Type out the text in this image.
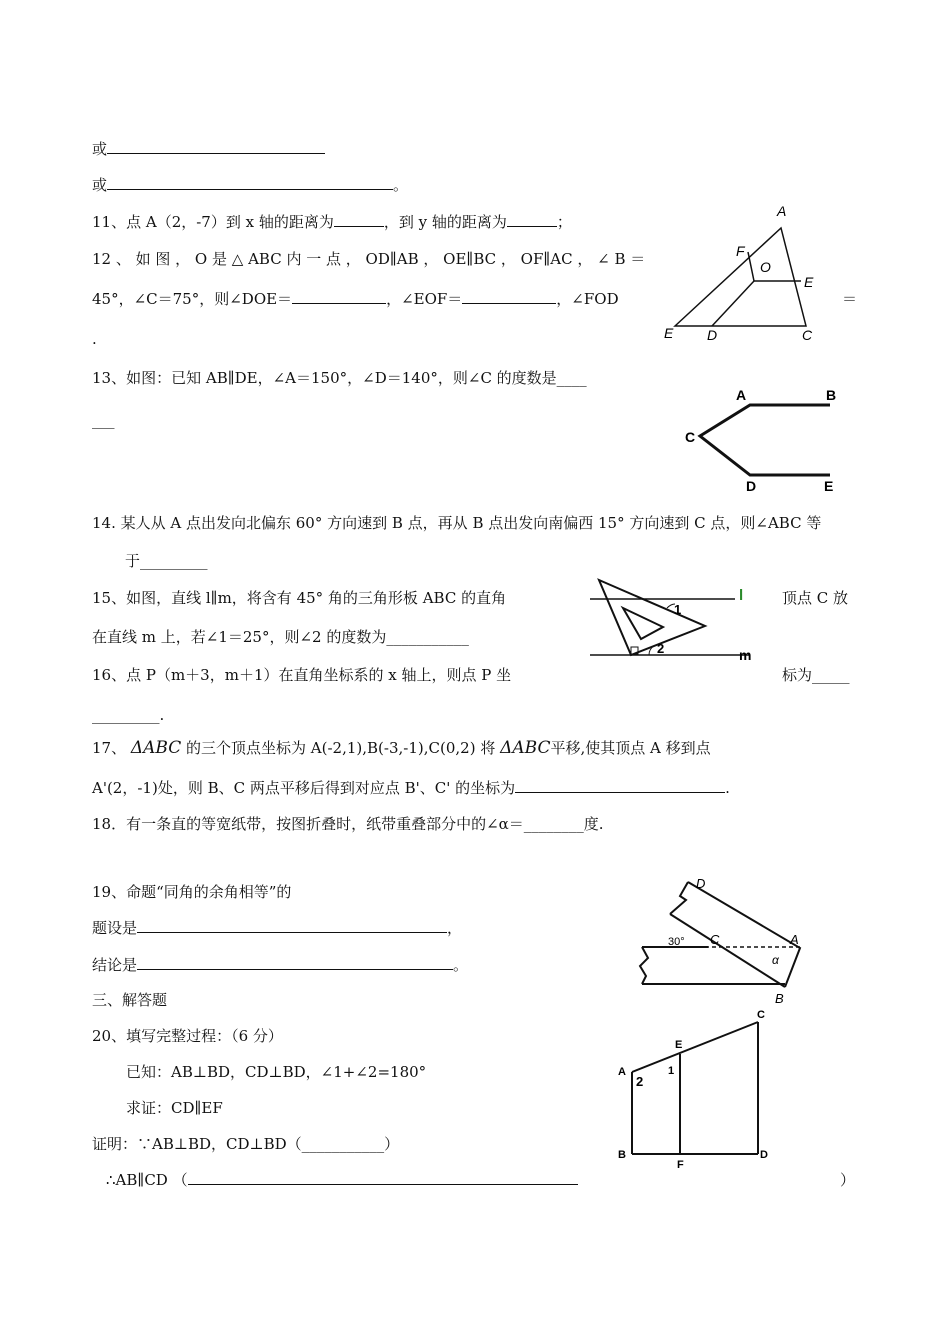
或
或	。
11、点 A（2，-7）到 x 轴的距离为	，到 y 轴的距离为	；
12 、 如 图 ， O 是 △ ABC 内 一 点 ， OD∥AB ， OE∥BC ， OF∥AC ， ∠ B ＝
45°，∠C＝75°，则∠DOE＝	，∠EOF＝	，∠FOD	＝
.
13、如图：已知 AB∥DE，∠A＝150°，∠D＝140°，则∠C 的度数是____
___
14. 某人从 A 点出发向北偏东 60° 方向速到 B 点，再从 B 点出发向南偏西 15° 方向速到 C 点，则∠ABC 等
于_________
15、如图，直线 l∥m，将含有 45° 角的三角形板 ABC 的直角	顶点 C 放
在直线 m 上，若∠1＝25°，则∠2 的度数为___________
16、点 P（m＋3，m＋1）在直角坐标系的 x 轴上，则点 P 坐	标为_____
_________.
17、 ΔABC 的三个顶点坐标为 A(-2,1),B(-3,-1),C(0,2) 将 ΔABC平移,使其顶点 A 移到点
A'(2，-1)处，则 B、C 两点平移后得到对应点 B'、C' 的坐标为	.
18．有一条直的等宽纸带，按图折叠时，纸带重叠部分中的∠α＝________度.
19、命题“同角的余角相等”的
题设是	，
结论是	。
三、解答题
20、填写完整过程：（6 分）
已知：AB⊥BD，CD⊥BD，∠1+∠2=180°
求证：CD∥EF
证明：∵AB⊥BD，CD⊥BD（___________）
∴AB∥CD （	）
A
F
O
E
E D	C
A	B
C
D	E
1
2
l
m
D
C
30°	A
α
B
C
E
A
2
1
B
F
D
